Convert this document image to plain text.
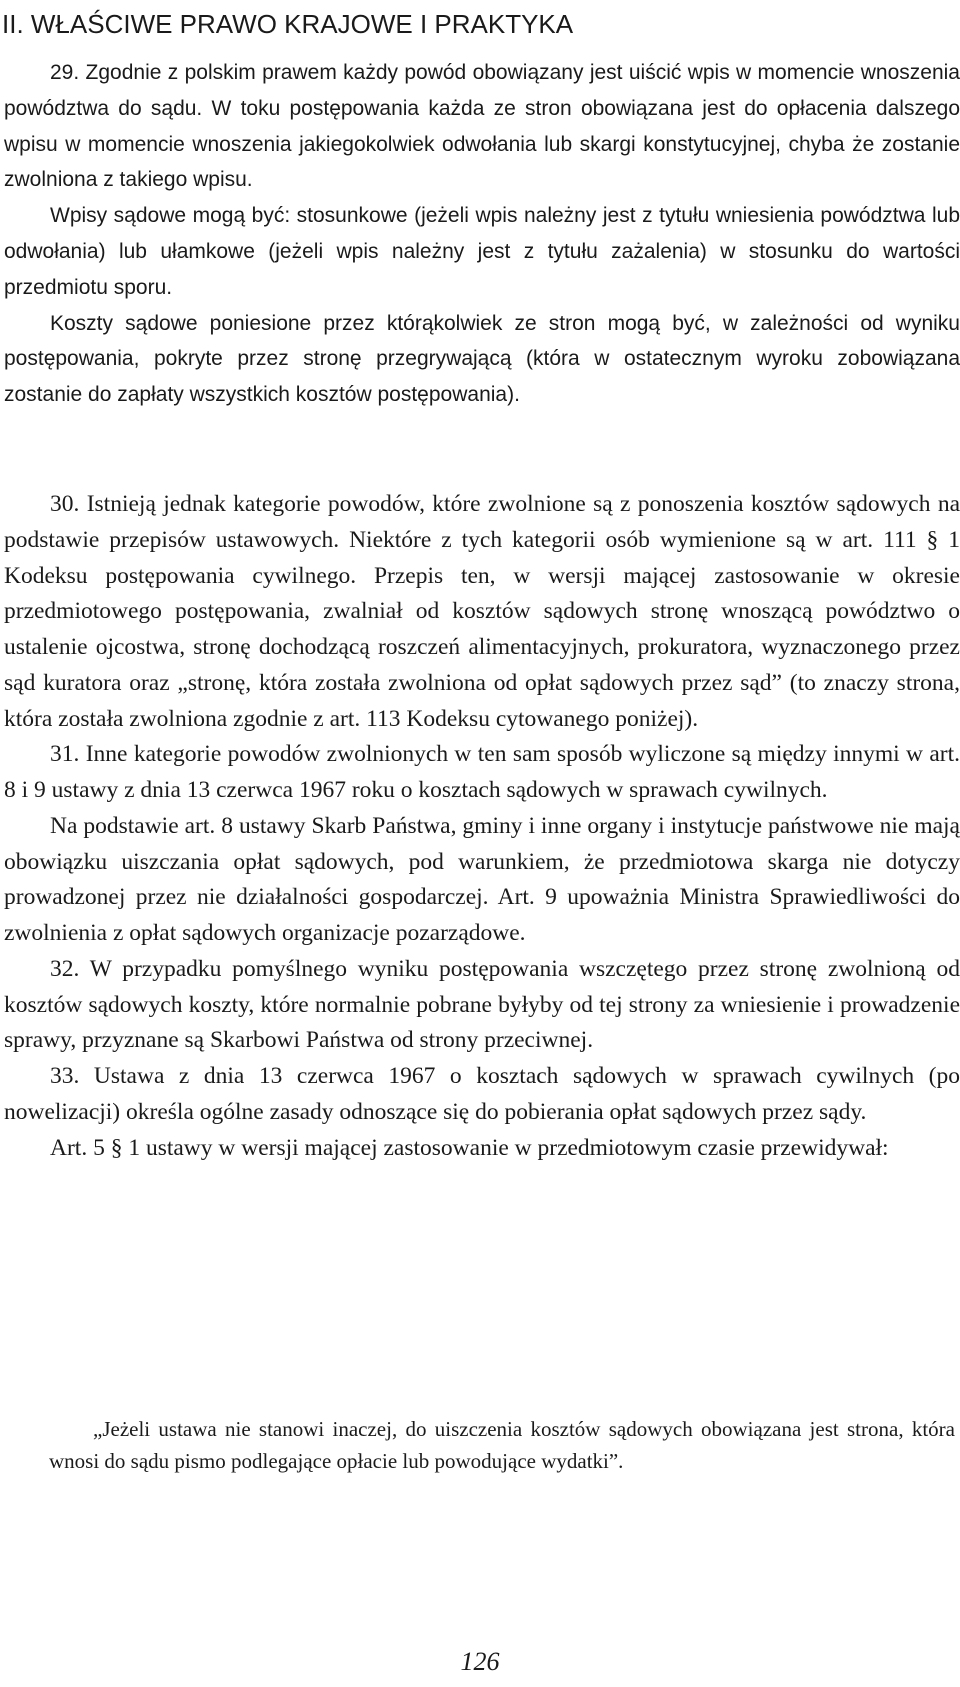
II. WŁAŚCIWE PRAWO KRAJOWE I PRAKTYKA

29. Zgodnie z polskim prawem każdy powód obowiązany jest uiścić wpis w momencie wnoszenia powództwa do sądu. W toku postępowania każda ze stron obowiązana jest do opłacenia dalszego wpisu w momencie wnoszenia jakiegokolwiek odwołania lub skargi konstytucyjnej, chyba że zostanie zwolniona z takiego wpisu.

Wpisy sądowe mogą być: stosunkowe (jeżeli wpis należny jest z tytułu wniesienia powództwa lub odwołania) lub ułamkowe (jeżeli wpis należny jest z tytułu zażalenia) w stosunku do wartości przedmiotu sporu.

Koszty sądowe poniesione przez którąkolwiek ze stron mogą być, w zależności od wyniku postępowania, pokryte przez stronę przegrywającą (która w ostatecznym wyroku zobowiązana zostanie do zapłaty wszystkich kosztów postępowania).

30. Istnieją jednak kategorie powodów, które zwolnione są z ponoszenia kosztów sądowych na podstawie przepisów ustawowych. Niektóre z tych kategorii osób wymienione są w art. 111 § 1 Kodeksu postępowania cywilnego. Przepis ten, w wersji mającej zastosowanie w okresie przedmiotowego postępowania, zwalniał od kosztów sądowych stronę wnoszącą powództwo o ustalenie ojcostwa, stronę dochodzącą roszczeń alimentacyjnych, prokuratora, wyznaczonego przez sąd kuratora oraz „stronę, która została zwolniona od opłat sądowych przez sąd” (to znaczy strona, która została zwolniona zgodnie z art. 113 Kodeksu cytowanego poniżej).

31. Inne kategorie powodów zwolnionych w ten sam sposób wyliczone są między innymi w art. 8 i 9 ustawy z dnia 13 czerwca 1967 roku o kosztach sądowych w sprawach cywilnych.

Na podstawie art. 8 ustawy Skarb Państwa, gminy i inne organy i instytucje państwowe nie mają obowiązku uiszczania opłat sądowych, pod warunkiem, że przedmiotowa skarga nie dotyczy prowadzonej przez nie działalności gospodarczej. Art. 9 upoważnia Ministra Sprawiedliwości do zwolnienia z opłat sądowych organizacje pozarządowe.

32. W przypadku pomyślnego wyniku postępowania wszczętego przez stronę zwolnioną od kosztów sądowych koszty, które normalnie pobrane byłyby od tej strony za wniesienie i prowadzenie sprawy, przyznane są Skarbowi Państwa od strony przeciwnej.

33. Ustawa z dnia 13 czerwca 1967 o kosztach sądowych w sprawach cywilnych (po nowelizacji) określa ogólne zasady odnoszące się do pobierania opłat sądowych przez sądy.

Art. 5 § 1 ustawy w wersji mającej zastosowanie w przedmiotowym czasie przewidywał:

„Jeżeli ustawa nie stanowi inaczej, do uiszczenia kosztów sądowych obowiązana jest strona, która wnosi do sądu pismo podlegające opłacie lub powodujące wydatki”.

126
